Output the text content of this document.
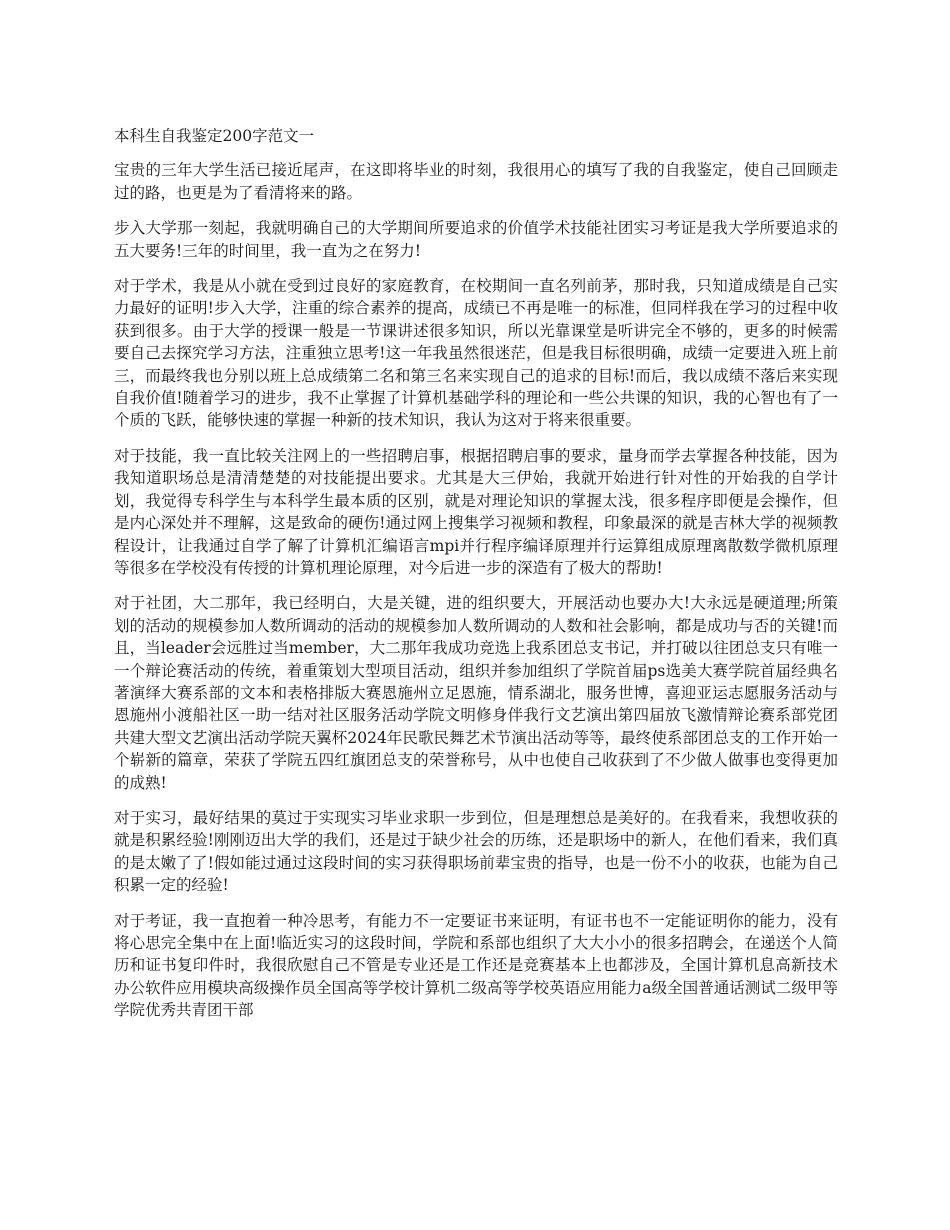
本科生自我鉴定200字范文一

宝贵的三年大学生活已接近尾声，在这即将毕业的时刻，我很用心的填写了我的自我鉴定，使自己回顾走过的路，也更是为了看清将来的路。

步入大学那一刻起，我就明确自己的大学期间所要追求的价值学术技能社团实习考证是我大学所要追求的五大要务!三年的时间里，我一直为之在努力!

对于学术，我是从小就在受到过良好的家庭教育，在校期间一直名列前茅，那时我，只知道成绩是自己实力最好的证明!步入大学，注重的综合素养的提高，成绩已不再是唯一的标准，但同样我在学习的过程中收获到很多。由于大学的授课一般是一节课讲述很多知识，所以光靠课堂是听讲完全不够的，更多的时候需要自己去探究学习方法，注重独立思考!这一年我虽然很迷茫，但是我目标很明确，成绩一定要进入班上前三，而最终我也分别以班上总成绩第二名和第三名来实现自己的追求的目标!而后，我以成绩不落后来实现自我价值!随着学习的进步，我不止掌握了计算机基础学科的理论和一些公共课的知识，我的心智也有了一个质的飞跃，能够快速的掌握一种新的技术知识，我认为这对于将来很重要。

对于技能，我一直比较关注网上的一些招聘启事，根据招聘启事的要求，量身而学去掌握各种技能，因为我知道职场总是清清楚楚的对技能提出要求。尤其是大三伊始，我就开始进行针对性的开始我的自学计划，我觉得专科学生与本科学生最本质的区别，就是对理论知识的掌握太浅，很多程序即便是会操作，但是内心深处并不理解，这是致命的硬伤!通过网上搜集学习视频和教程，印象最深的就是吉林大学的视频教程设计，让我通过自学了解了计算机汇编语言mpi并行程序编译原理并行运算组成原理离散数学微机原理等很多在学校没有传授的计算机理论原理，对今后进一步的深造有了极大的帮助!

对于社团，大二那年，我已经明白，大是关键，进的组织要大，开展活动也要办大!大永远是硬道理;所策划的活动的规模参加人数所调动的活动的规模参加人数所调动的人数和社会影响，都是成功与否的关键!而且，当leader会远胜过当member，大二那年我成功竞选上我系团总支书记，并打破以往团总支只有唯一一个辩论赛活动的传统，着重策划大型项目活动，组织并参加组织了学院首届ps选美大赛学院首届经典名著演绎大赛系部的文本和表格排版大赛恩施州立足恩施，情系湖北，服务世博，喜迎亚运志愿服务活动与恩施州小渡船社区一助一结对社区服务活动学院文明修身伴我行文艺演出第四届放飞激情辩论赛系部党团共建大型文艺演出活动学院天翼杯2024年民歌民舞艺术节演出活动等等，最终使系部团总支的工作开始一个崭新的篇章，荣获了学院五四红旗团总支的荣誉称号，从中也使自己收获到了不少做人做事也变得更加的成熟!

对于实习，最好结果的莫过于实现实习毕业求职一步到位，但是理想总是美好的。在我看来，我想收获的就是积累经验!刚刚迈出大学的我们，还是过于缺少社会的历练，还是职场中的新人，在他们看来，我们真的是太嫩了了!假如能过通过这段时间的实习获得职场前辈宝贵的指导，也是一份不小的收获，也能为自己积累一定的经验!

对于考证，我一直抱着一种冷思考，有能力不一定要证书来证明，有证书也不一定能证明你的能力，没有将心思完全集中在上面!临近实习的这段时间，学院和系部也组织了大大小小的很多招聘会，在递送个人简历和证书复印件时，我很欣慰自己不管是专业还是工作还是竞赛基本上也都涉及，全国计算机息高新技术办公软件应用模块高级操作员全国高等学校计算机二级高等学校英语应用能力a级全国普通话测试二级甲等学院优秀共青团干部
